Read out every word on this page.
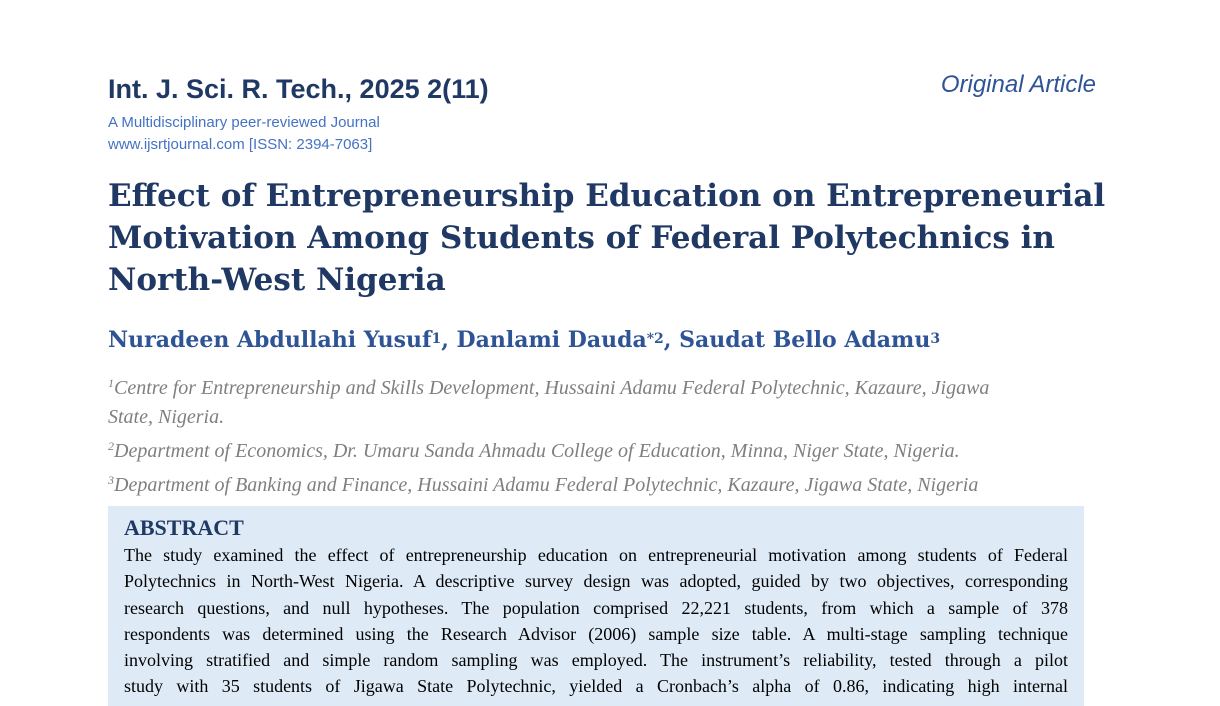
Int. J. Sci. R. Tech., 2025 2(11)	Original Article
A Multidisciplinary peer-reviewed Journal
www.ijsrtjournal.com [ISSN: 2394-7063]
Effect of Entrepreneurship Education on Entrepreneurial
Motivation Among Students of Federal Polytechnics in
North-West Nigeria
Nuradeen Abdullahi Yusuf$^1$, Danlami Dauda$^{*2}$, Saudat Bello Adamu$^3$
$^1$Centre for Entrepreneurship and Skills Development, Hussaini Adamu Federal Polytechnic, Kazaure, Jigawa
State, Nigeria.
$^2$Department of Economics, Dr. Umaru Sanda Ahmadu College of Education, Minna, Niger State, Nigeria.
$^3$Department of Banking and Finance, Hussaini Adamu Federal Polytechnic, Kazaure, Jigawa State, Nigeria
ABSTRACT
The study examined the effect of entrepreneurship education on entrepreneurial motivation among students of Federal
Polytechnics in North-West Nigeria. A descriptive survey design was adopted, guided by two objectives, corresponding
research questions, and null hypotheses. The population comprised 22,221 students, from which a sample of 378
respondents was determined using the Research Advisor (2006) sample size table. A multi-stage sampling technique
involving stratified and simple random sampling was employed. The instrument’s reliability, tested through a pilot
study with 35 students of Jigawa State Polytechnic, yielded a Cronbach’s alpha of 0.86, indicating high internal
